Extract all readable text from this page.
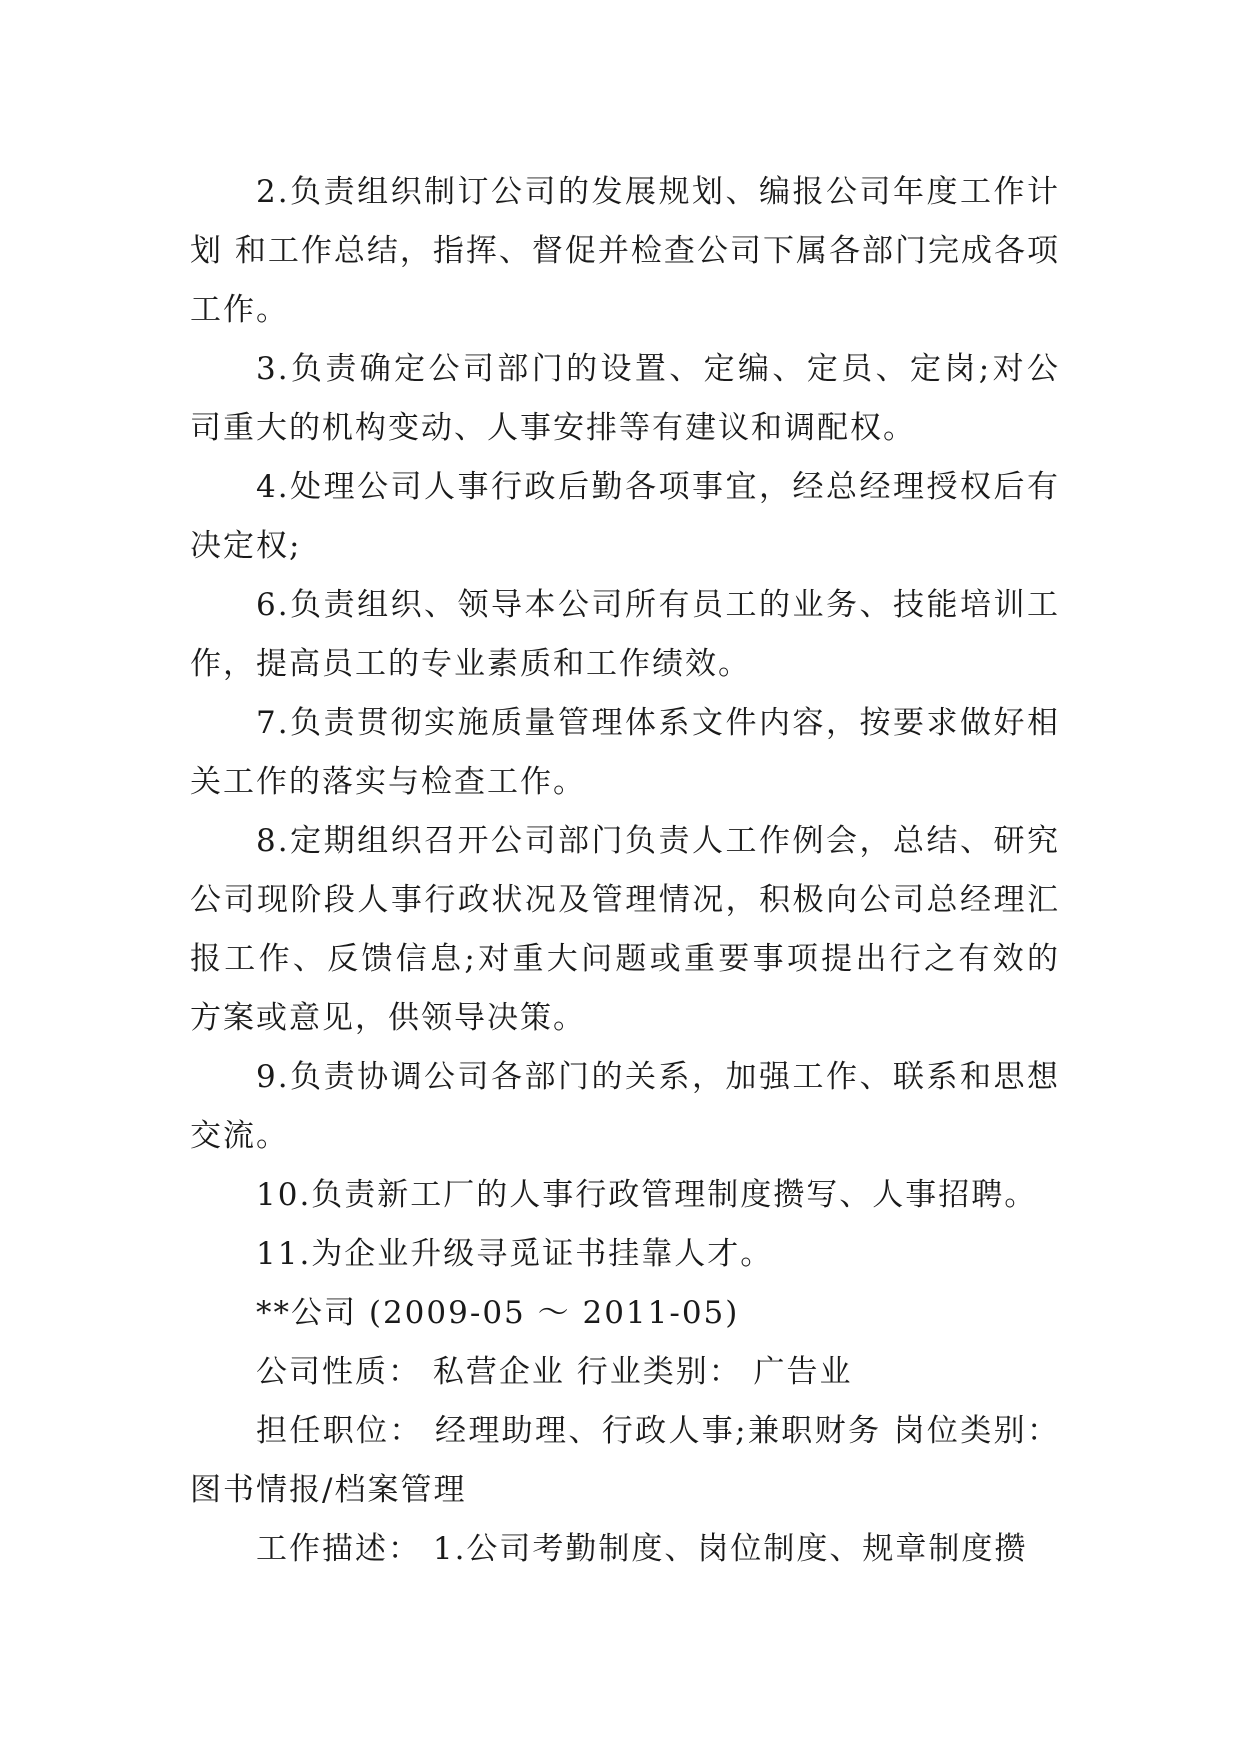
2.负责组织制订公司的发展规划、编报公司年度工作计划 和工作总结，指挥、督促并检查公司下属各部门完成各项工作。

3.负责确定公司部门的设置、定编、定员、定岗;对公司重大的机构变动、人事安排等有建议和调配权。

4.处理公司人事行政后勤各项事宜，经总经理授权后有决定权;

6.负责组织、领导本公司所有员工的业务、技能培训工作，提高员工的专业素质和工作绩效。

7.负责贯彻实施质量管理体系文件内容，按要求做好相关工作的落实与检查工作。

8.定期组织召开公司部门负责人工作例会，总结、研究公司现阶段人事行政状况及管理情况，积极向公司总经理汇报工作、反馈信息;对重大问题或重要事项提出行之有效的方案或意见，供领导决策。

9.负责协调公司各部门的关系，加强工作、联系和思想交流。

10.负责新工厂的人事行政管理制度攒写、人事招聘。

11.为企业升级寻觅证书挂靠人才。

**公司 (2009-05 ～ 2011-05)

公司性质： 私营企业 行业类别： 广告业

担任职位： 经理助理、行政人事;兼职财务 岗位类别：图书情报/档案管理

工作描述： 1.公司考勤制度、岗位制度、规章制度攒
